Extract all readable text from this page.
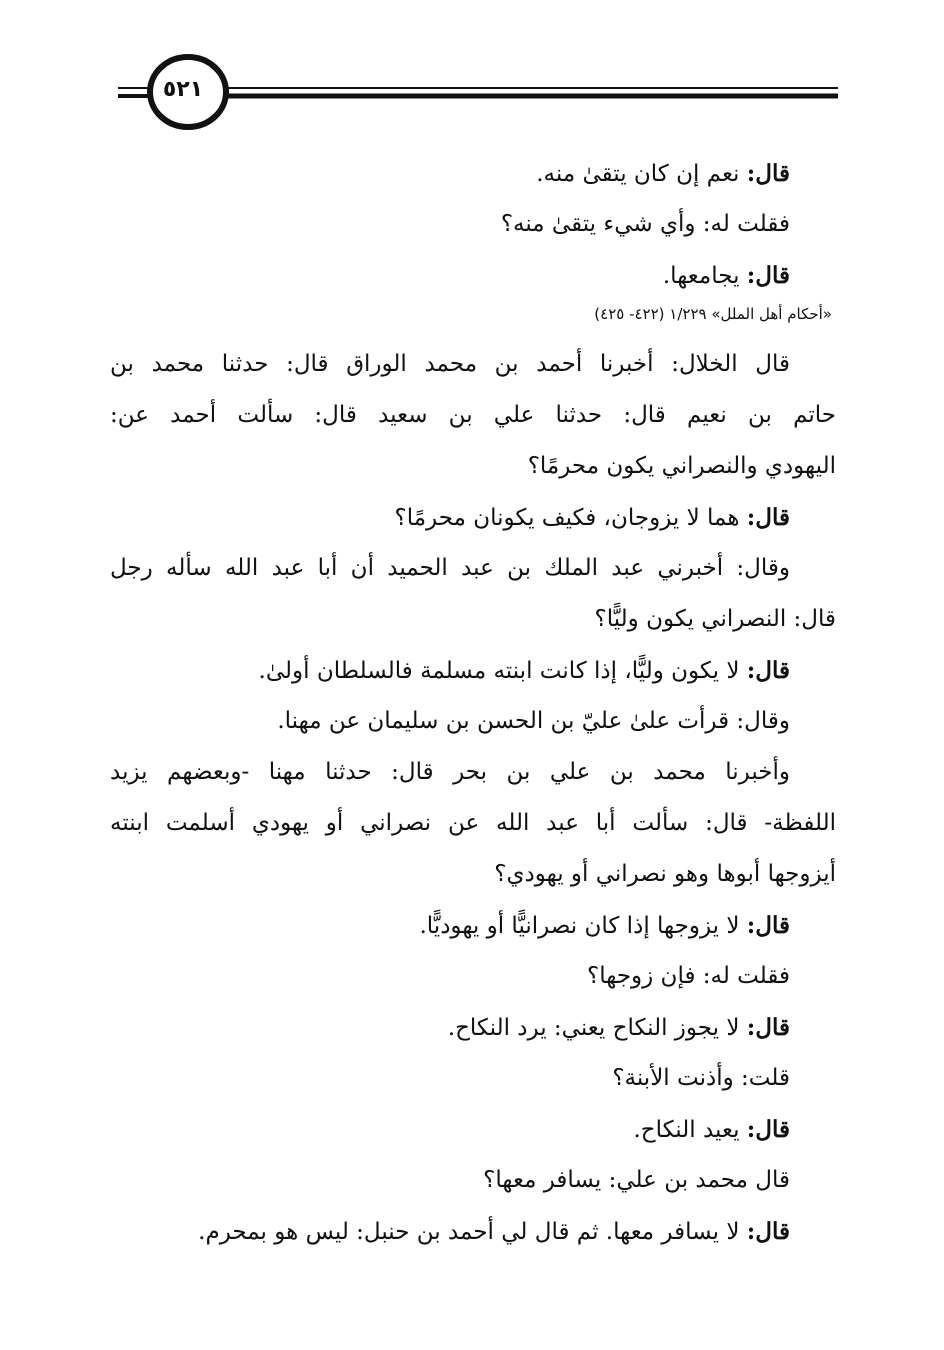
٥٢١
قال: نعم إن كان يتقىٰ منه.
فقلت له: وأي شيء يتقىٰ منه؟
قال: يجامعها.
«أحكام أهل الملل» ١/٢٢٩ (٤٢٢- ٤٢٥)
قال الخلال: أخبرنا أحمد بن محمد الوراق قال: حدثنا محمد بن
حاتم بن نعيم قال: حدثنا علي بن سعيد قال: سألت أحمد عن:
اليهودي والنصراني يكون محرمًا؟
قال: هما لا يزوجان، فكيف يكونان محرمًا؟
وقال: أخبرني عبد الملك بن عبد الحميد أن أبا عبد الله سأله رجل
قال: النصراني يكون وليًّا؟
قال: لا يكون وليًّا، إذا كانت ابنته مسلمة فالسلطان أولىٰ.
وقال: قرأت علىٰ عليّ بن الحسن بن سليمان عن مهنا.
وأخبرنا محمد بن علي بن بحر قال: حدثنا مهنا -وبعضهم يزيد
اللفظة- قال: سألت أبا عبد الله عن نصراني أو يهودي أسلمت ابنته
أيزوجها أبوها وهو نصراني أو يهودي؟
قال: لا يزوجها إذا كان نصرانيًّا أو يهوديًّا.
فقلت له: فإن زوجها؟
قال: لا يجوز النكاح يعني: يرد النكاح.
قلت: وأذنت الأبنة؟
قال: يعيد النكاح.
قال محمد بن علي: يسافر معها؟
قال: لا يسافر معها. ثم قال لي أحمد بن حنبل: ليس هو بمحرم.
